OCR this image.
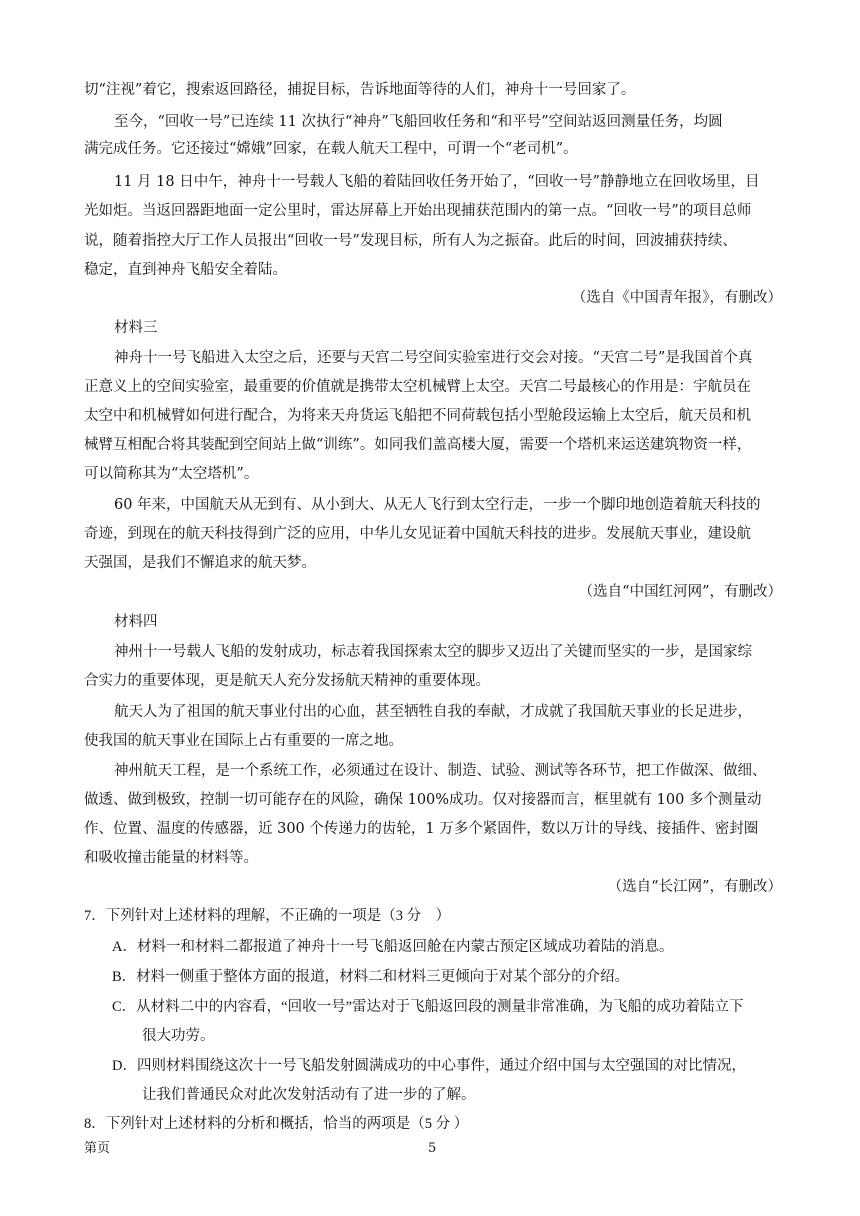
切“注视”着它，搜索返回路径，捕捉目标，告诉地面等待的人们，神舟十一号回家了。
至今，“回收一号”已连续 11 次执行“神舟”飞船回收任务和“和平号”空间站返回测量任务，均圆
满完成任务。它还接过“嫦娥”回家，在载人航天工程中，可谓一个“老司机”。
11 月 18 日中午，神舟十一号载人飞船的着陆回收任务开始了，“回收一号”静静地立在回收场里，目
光如炬。当返回器距地面一定公里时，雷达屏幕上开始出现捕获范围内的第一点。“回收一号”的项目总师
说，随着指控大厅工作人员报出“回收一号”发现目标，所有人为之振奋。此后的时间，回波捕获持续、
稳定，直到神舟飞船安全着陆。
（选自《中国青年报》，有删改）
材料三
神舟十一号飞船进入太空之后，还要与天宫二号空间实验室进行交会对接。“天宫二号”是我国首个真
正意义上的空间实验室，最重要的价值就是携带太空机械臂上太空。天宫二号最核心的作用是：宇航员在
太空中和机械臂如何进行配合，为将来天舟货运飞船把不同荷载包括小型舱段运输上太空后，航天员和机
械臂互相配合将其装配到空间站上做“训练”。如同我们盖高楼大厦，需要一个塔机来运送建筑物资一样，
可以简称其为“太空塔机”。
60 年来，中国航天从无到有、从小到大、从无人飞行到太空行走，一步一个脚印地创造着航天科技的
奇迹，到现在的航天科技得到广泛的应用，中华儿女见证着中国航天科技的进步。发展航天事业，建设航
天强国，是我们不懈追求的航天梦。
（选自“中国红河网”，有删改）
材料四
神州十一号载人飞船的发射成功，标志着我国探索太空的脚步又迈出了关键而坚实的一步，是国家综
合实力的重要体现，更是航天人充分发扬航天精神的重要体现。
航天人为了祖国的航天事业付出的心血，甚至牺牲自我的奉献，才成就了我国航天事业的长足进步，
使我国的航天事业在国际上占有重要的一席之地。
神州航天工程，是一个系统工作，必须通过在设计、制造、试验、测试等各环节，把工作做深、做细、
做透、做到极致，控制一切可能存在的风险，确保 100%成功。仅对接器而言，框里就有 100 多个测量动
作、位置、温度的传感器，近 300 个传递力的齿轮，1 万多个紧固件，数以万计的导线、接插件、密封圈
和吸收撞击能量的材料等。
（选自“长江网”，有删改）
7．下列针对上述材料的理解，不正确的一项是（3 分　）
A．材料一和材料二都报道了神舟十一号飞船返回舱在内蒙古预定区域成功着陆的消息。
B．材料一侧重于整体方面的报道，材料二和材料三更倾向于对某个部分的介绍。
C．从材料二中的内容看，“回收一号”雷达对于飞船返回段的测量非常准确，为飞船的成功着陆立下
很大功劳。
D．四则材料围绕这次十一号飞船发射圆满成功的中心事件，通过介绍中国与太空强国的对比情况，
让我们普通民众对此次发射活动有了进一步的了解。
8．下列针对上述材料的分析和概括，恰当的两项是（5 分 ）
第页	5
